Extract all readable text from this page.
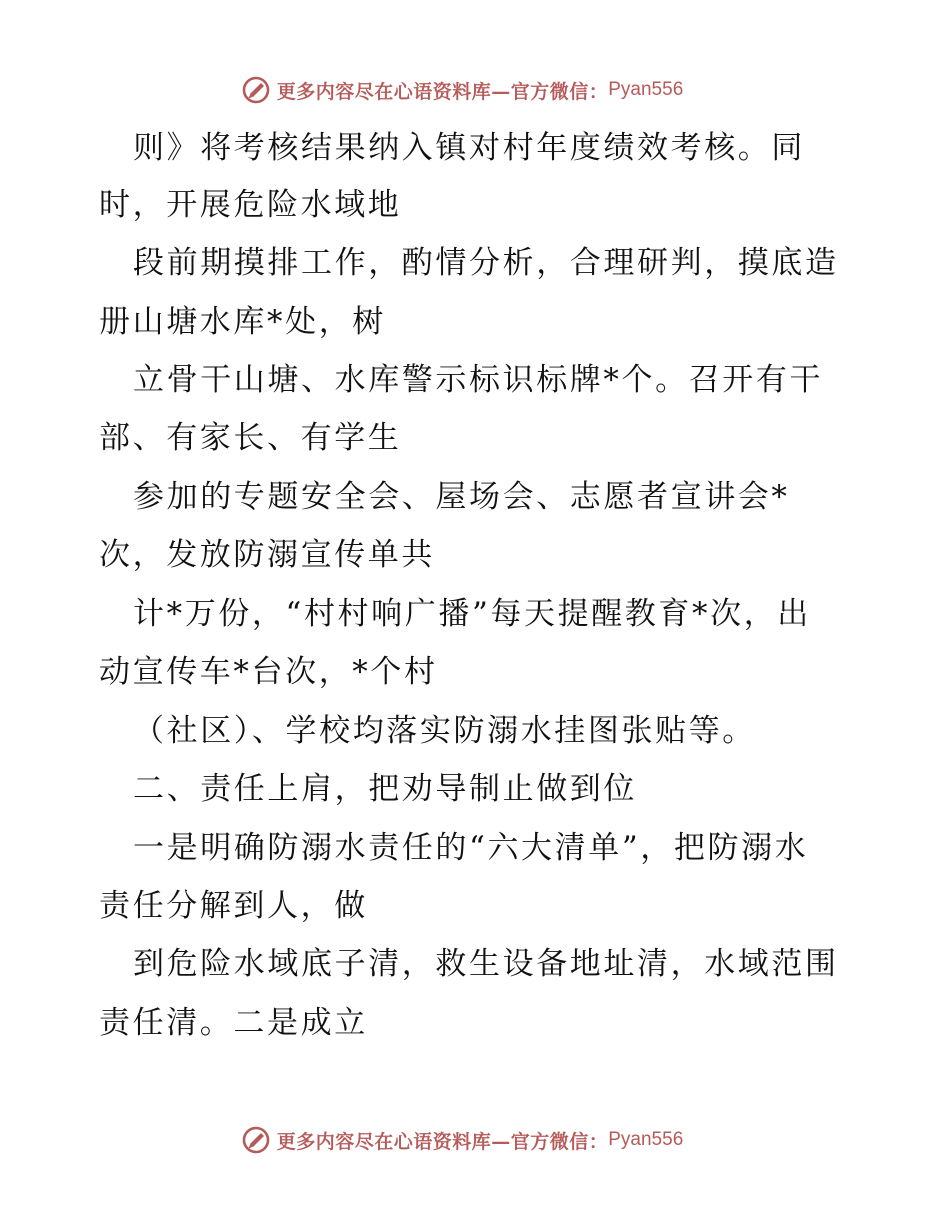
更多内容尽在心语资料库—官方微信： Pyan556
则》将考核结果纳入镇对村年度绩效考核。同
时，开展危险水域地
段前期摸排工作，酌情分析，合理研判，摸底造
册山塘水库*处，树
立骨干山塘、水库警示标识标牌*个。召开有干
部、有家长、有学生
参加的专题安全会、屋场会、志愿者宣讲会*
次，发放防溺宣传单共
计*万份，“村村响广播”每天提醒教育*次，出
动宣传车*台次，*个村
（社区）、学校均落实防溺水挂图张贴等。
二、责任上肩，把劝导制止做到位
一是明确防溺水责任的“六大清单”，把防溺水
责任分解到人，做
到危险水域底子清，救生设备地址清，水域范围
责任清。二是成立
更多内容尽在心语资料库—官方微信： Pyan556
